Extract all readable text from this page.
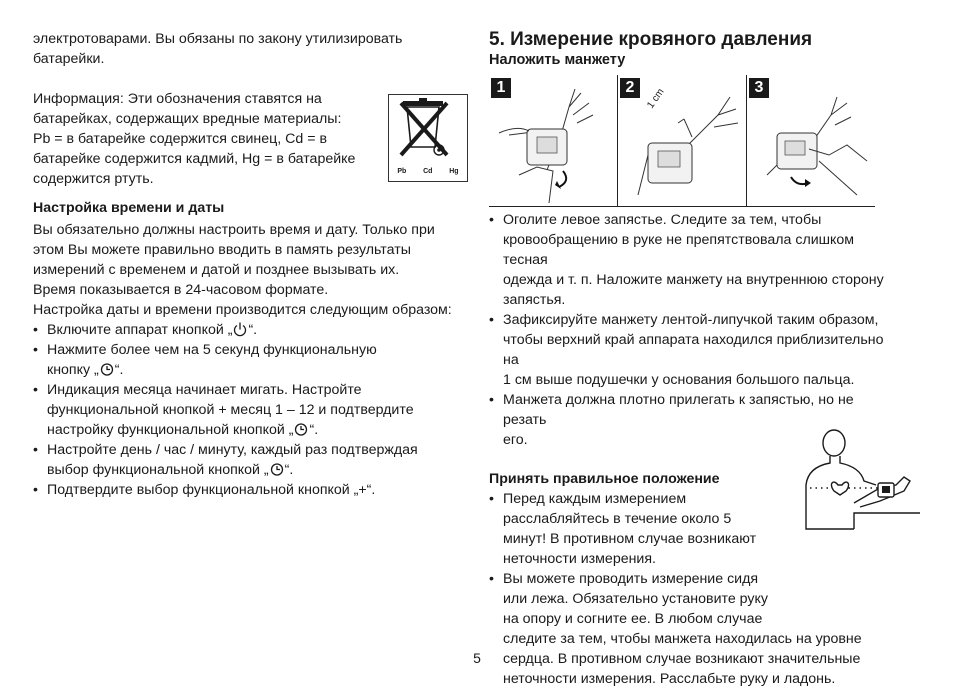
электротоварами. Вы обязаны по закону утилизировать

батарейки.

Информация: Эти обозначения ставятся на

батарейках, содержащих вредные материалы:

Pb = в батарейке содержится свинец, Cd = в

батарейке содержится кадмий, Hg = в батарейке

содержится ртуть.

Настройка времени и даты

Вы обязательно должны настроить время и дату. Только при

этом Вы можете правильно вводить в память результаты

измерений с временем и датой и позднее вызывать их.

Время показывается в 24-часовом формате.

Настройка даты и времени производится следующим образом:

• Включите аппарат кнопкой „ “.
• Нажмите более чем на 5 секунд функциональную
кнопку „ “.
• Индикация месяца начинает мигать. Настройте
функциональной кнопкой + месяц 1 – 12 и подтвердите
настройку функциональной кнопкой „ “.
• Настройте день / час / минуту, каждый раз подтверждая
выбор функциональной кнопкой „ “.
• Подтвердите выбор функциональной кнопкой „+“.
Pb Cd Hg

5. Измерение кровяного давления

Наложить манжету

1	2	1 cm	3
• Оголите левое запястье. Следите за тем, чтобы
кровообращению в руке не препятствовала слишком тесная
одежда и т. п. Наложите манжету на внутреннюю сторону
запястья.
• Зафиксируйте манжету лентой-липучкой таким образом,
чтобы верхний край аппарата находился приблизительно на
1 см выше подушечки у основания большого пальца.
• Манжета должна плотно прилегать к запястью, но не резать
его.

Принять правильное положение

• Перед каждым измерением
расслабляйтесь в течение около 5
минут! В противном случае возникают
неточности измерения.
• Вы можете проводить измерение сидя
или лежа. Обязательно установите руку
на опору и согните ее. В любом случае
следите за тем, чтобы манжета находилась на уровне
сердца. В противном случае возникают значительные
неточности измерения. Расслабьте руку и ладонь.
5
